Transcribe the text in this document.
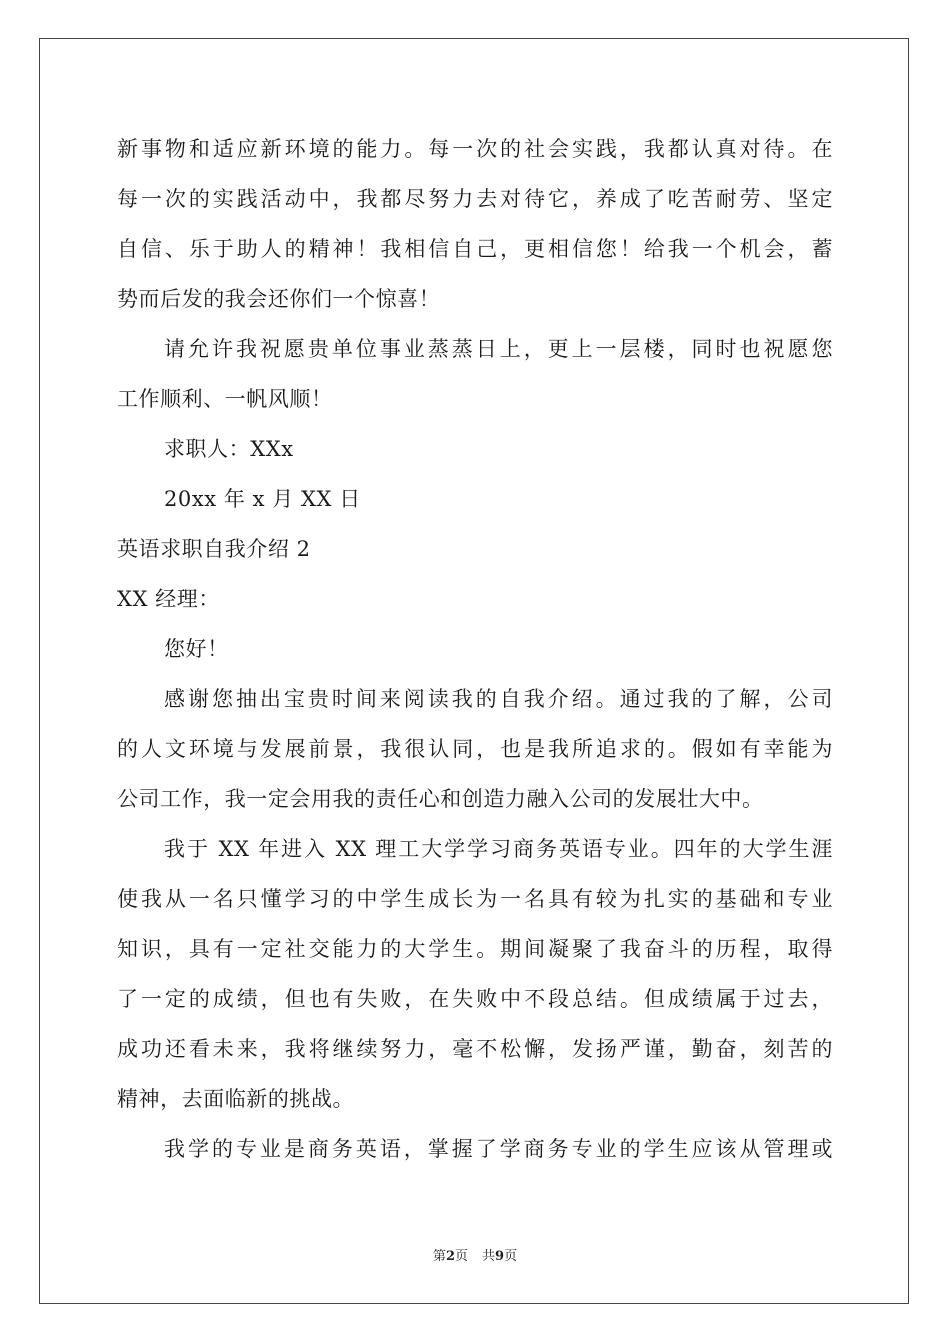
新事物和适应新环境的能力。每一次的社会实践，我都认真对待。在
每一次的实践活动中，我都尽努力去对待它，养成了吃苦耐劳、坚定
自信、乐于助人的精神！我相信自己，更相信您！给我一个机会，蓄
势而后发的我会还你们一个惊喜！
请允许我祝愿贵单位事业蒸蒸日上，更上一层楼，同时也祝愿您
工作顺利、一帆风顺！
求职人：XXx
20xx 年 x 月 XX 日
英语求职自我介绍 2
XX 经理：
您好！
感谢您抽出宝贵时间来阅读我的自我介绍。通过我的了解，公司
的人文环境与发展前景，我很认同，也是我所追求的。假如有幸能为
公司工作，我一定会用我的责任心和创造力融入公司的发展壮大中。
我于 XX 年进入 XX 理工大学学习商务英语专业。四年的大学生涯
使我从一名只懂学习的中学生成长为一名具有较为扎实的基础和专业
知识，具有一定社交能力的大学生。期间凝聚了我奋斗的历程，取得
了一定的成绩，但也有失败，在失败中不段总结。但成绩属于过去，
成功还看未来，我将继续努力，毫不松懈，发扬严谨，勤奋，刻苦的
精神，去面临新的挑战。
我学的专业是商务英语，掌握了学商务专业的学生应该从管理或
第2页 共9页
